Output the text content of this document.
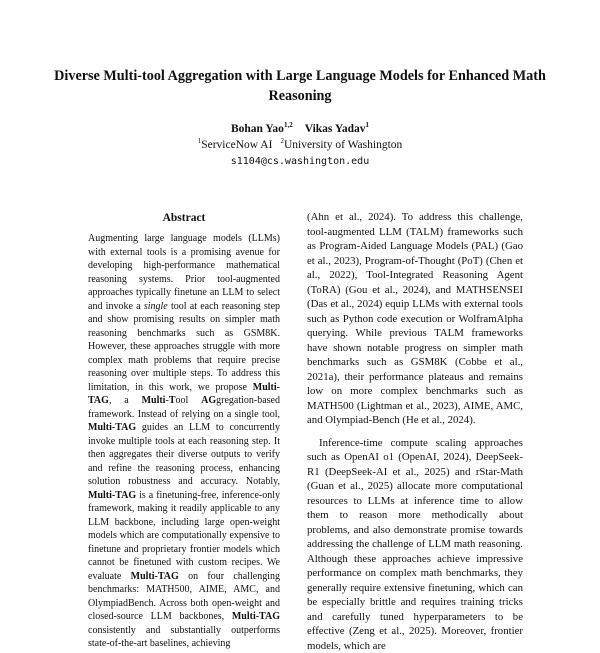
Diverse Multi-tool Aggregation with Large Language Models for Enhanced Math Reasoning
Bohan Yao$^{1,2}$ Vikas Yadav$^1$
$^1$ServiceNow AI $^2$University of Washington
s1104@cs.washington.edu
Abstract

Augmenting large language models (LLMs) with external tools is a promising avenue for developing high-performance mathematical reasoning systems. Prior tool-augmented approaches typically finetune an LLM to select and invoke a single tool at each reasoning step and show promising results on simpler math reasoning benchmarks such as GSM8K. However, these approaches struggle with more complex math problems that require precise reasoning over multiple steps. To address this limitation, in this work, we propose Multi-TAG, a Multi-Tool AGgregation-based framework. Instead of relying on a single tool, Multi-TAG guides an LLM to concurrently invoke multiple tools at each reasoning step. It then aggregates their diverse outputs to verify and refine the reasoning process, enhancing solution robustness and accuracy. Notably, Multi-TAG is a finetuning-free, inference-only framework, making it readily applicable to any LLM backbone, including large open-weight models which are computationally expensive to finetune and proprietary frontier models which cannot be finetuned with custom recipes. We evaluate Multi-TAG on four challenging benchmarks: MATH500, AIME, AMC, and OlympiadBench. Across both open-weight and closed-source LLM backbones, Multi-TAG consistently and substantially outperforms state-of-the-art baselines, achieving

(Ahn et al., 2024). To address this challenge, tool-augmented LLM (TALM) frameworks such as Program-Aided Language Models (PAL) (Gao et al., 2023), Program-of-Thought (PoT) (Chen et al., 2022), Tool-Integrated Reasoning Agent (ToRA) (Gou et al., 2024), and MATHSENSEI (Das et al., 2024) equip LLMs with external tools such as Python code execution or WolframAlpha querying. While previous TALM frameworks have shown notable progress on simpler math benchmarks such as GSM8K (Cobbe et al., 2021a), their performance plateaus and remains low on more complex benchmarks such as MATH500 (Lightman et al., 2023), AIME, AMC, and Olympiad-Bench (He et al., 2024).

Inference-time compute scaling approaches such as OpenAI o1 (OpenAI, 2024), DeepSeek-R1 (DeepSeek-AI et al., 2025) and rStar-Math (Guan et al., 2025) allocate more computational resources to LLMs at inference time to allow them to reason more methodically about problems, and also demonstrate promise towards addressing the challenge of LLM math reasoning. Although these approaches achieve impressive performance on complex math benchmarks, they generally require extensive finetuning, which can be especially brittle and requires training tricks and carefully tuned hyperparameters to be effective (Zeng et al., 2025). Moreover, frontier models, which are
